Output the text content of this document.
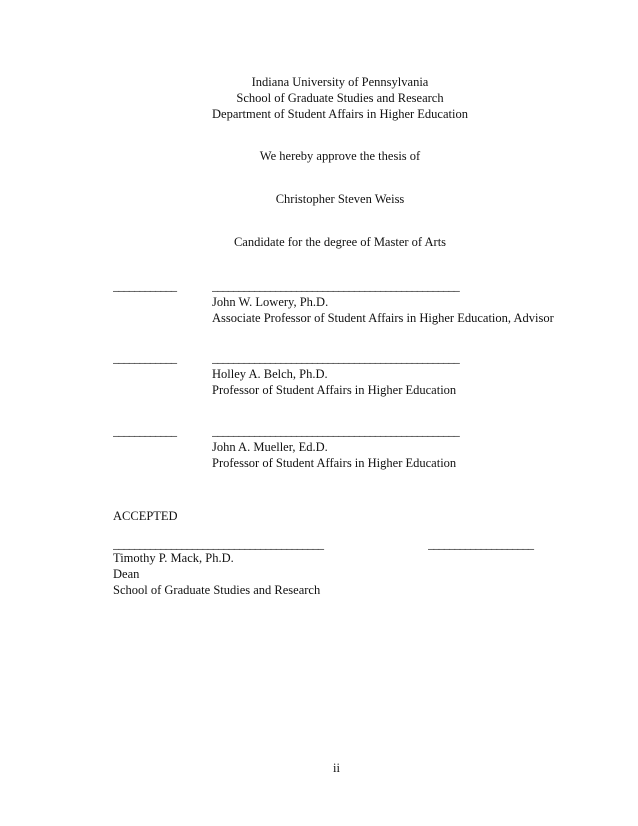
Indiana University of Pennsylvania
School of Graduate Studies and Research
Department of Student Affairs in Higher Education
We hereby approve the thesis of
Christopher Steven Weiss
Candidate for the degree of Master of Arts
____________	_______________________________________________
John W. Lowery, Ph.D.
Associate Professor of Student Affairs in Higher Education, Advisor
____________	_______________________________________________
Holley A. Belch, Ph.D.
Professor of Student Affairs in Higher Education
____________	_______________________________________________
John A. Mueller, Ed.D.
Professor of Student Affairs in Higher Education
ACCEPTED
________________________________________	____________________
Timothy P. Mack, Ph.D.
Dean
School of Graduate Studies and Research
ii
